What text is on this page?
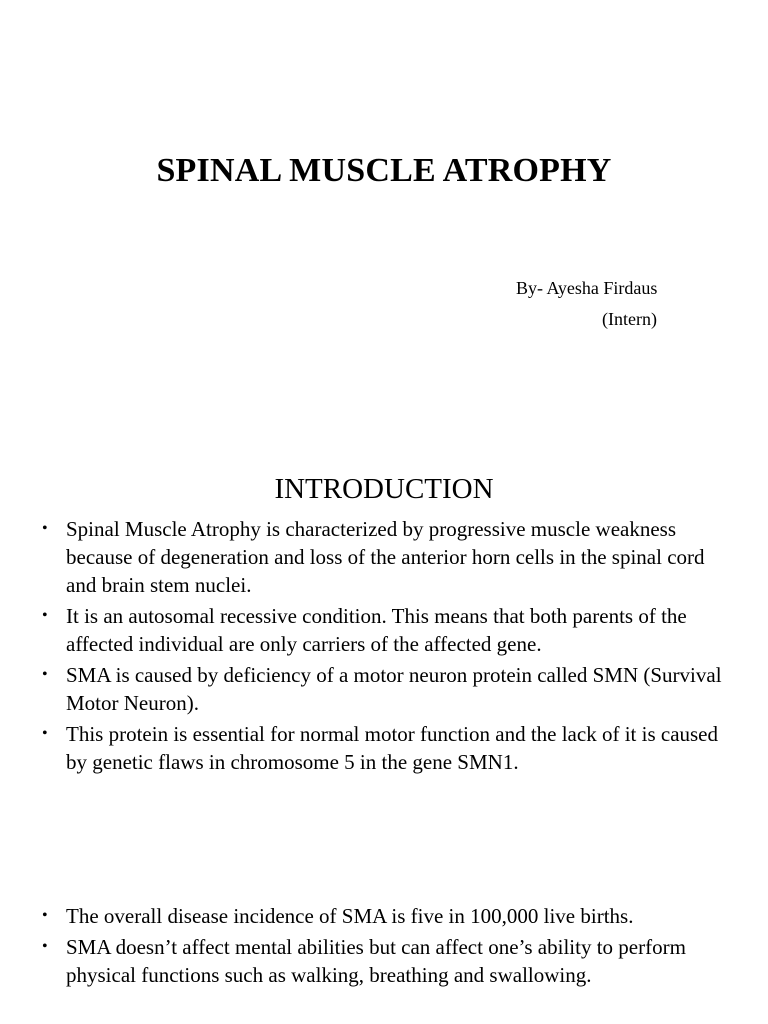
SPINAL MUSCLE ATROPHY

By- Ayesha Firdaus

(Intern)

INTRODUCTION
• Spinal Muscle Atrophy is characterized by progressive muscle weakness because of degeneration and loss of the anterior horn cells in the spinal cord and brain stem nuclei.
• It is an autosomal recessive condition. This means that both parents of the affected individual are only carriers of the affected gene.
• SMA is caused by deficiency of a motor neuron protein called SMN (Survival Motor Neuron).
• This protein is essential for normal motor function and the lack of it is caused by genetic flaws in chromosome 5 in the gene SMN1.
• The overall disease incidence of SMA is five in 100,000 live births.
• SMA doesn’t affect mental abilities but can affect one’s ability to perform physical functions such as walking, breathing and swallowing.
